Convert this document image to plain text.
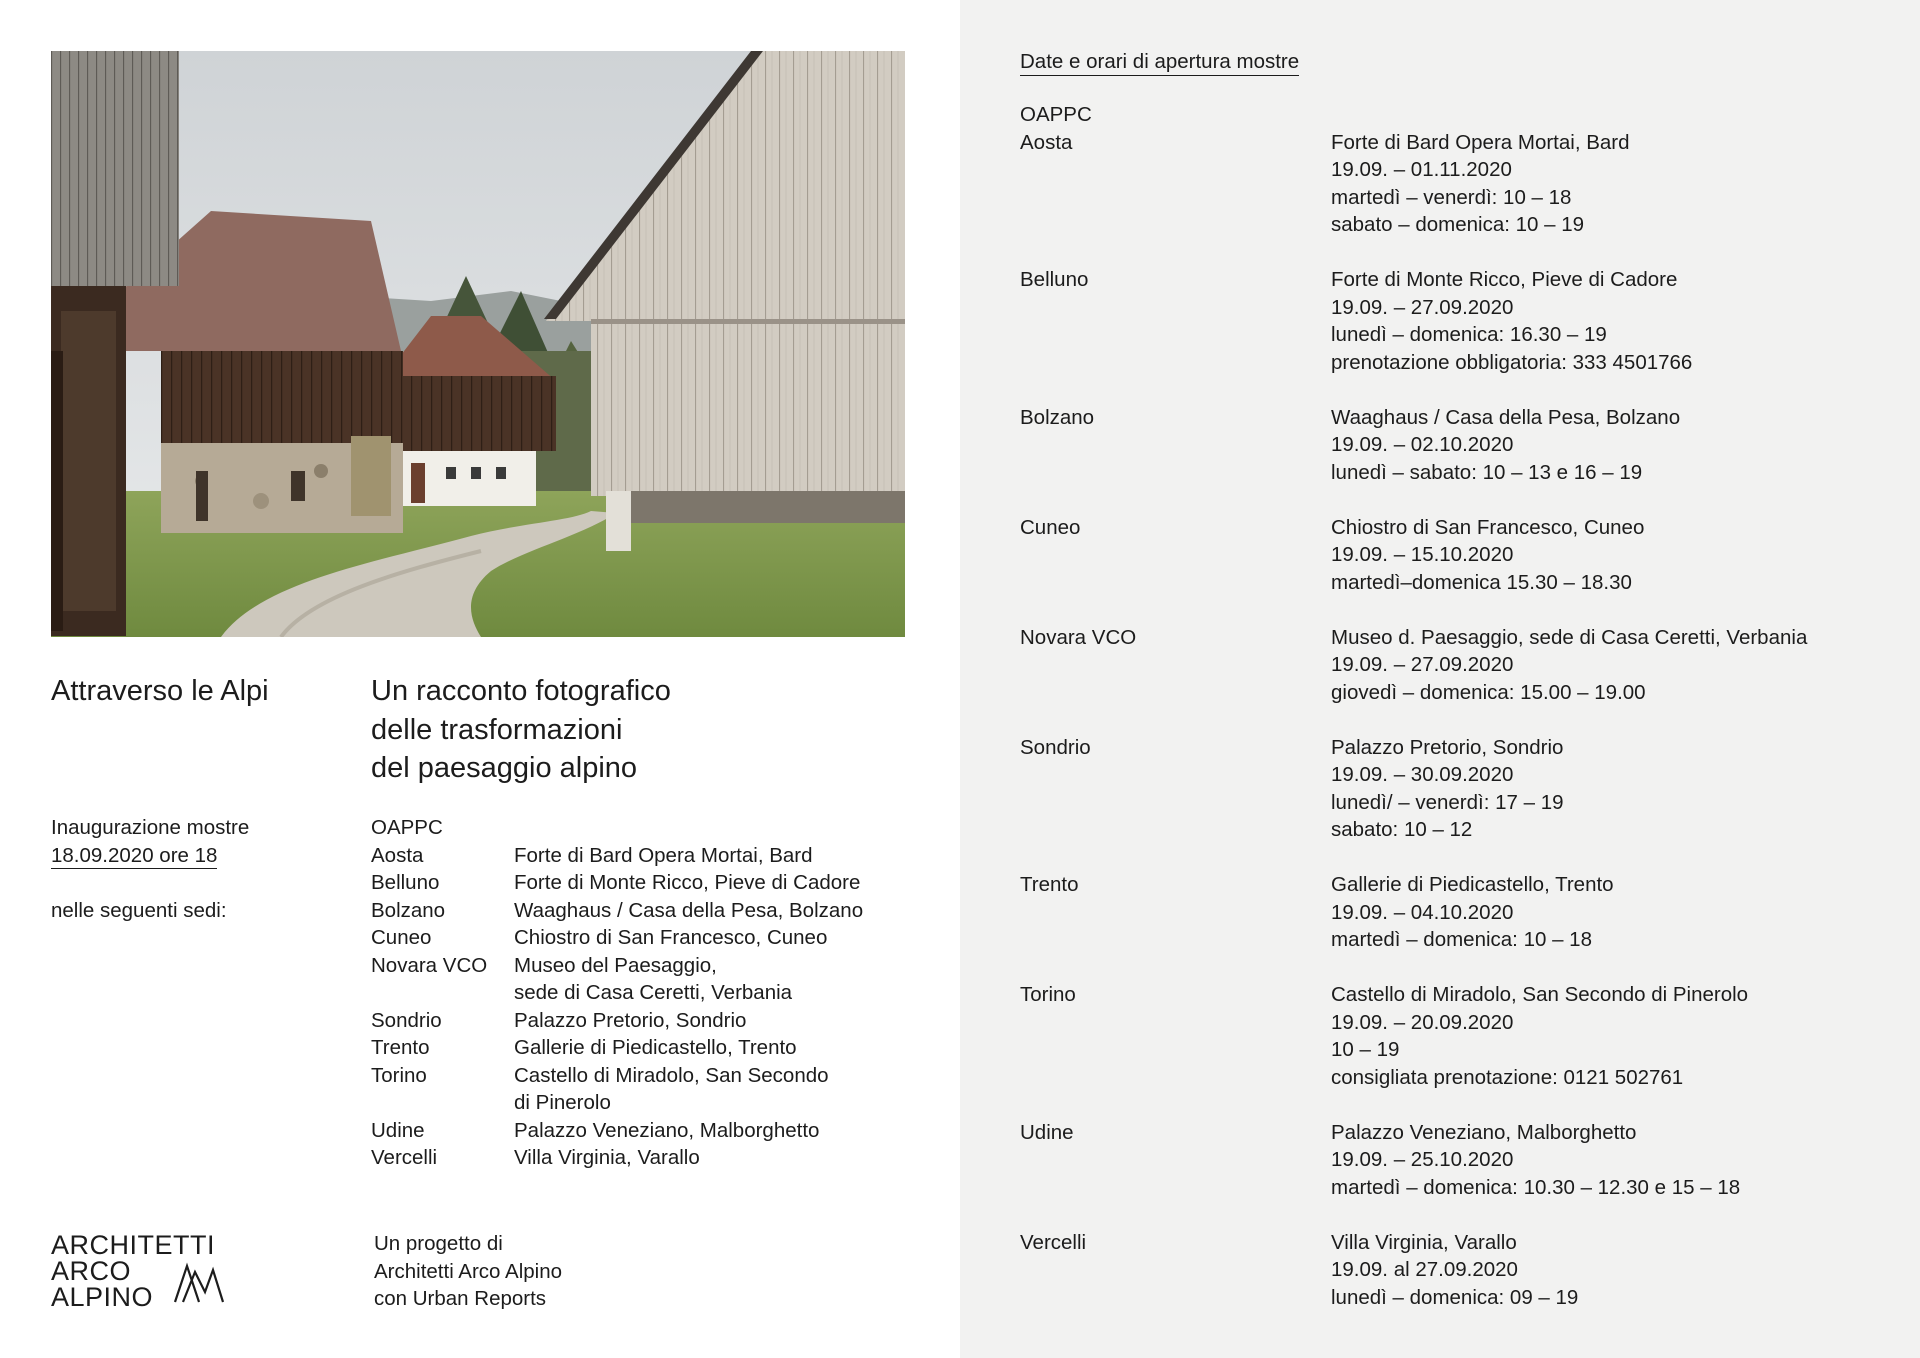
Attraverso le Alpi	Un racconto fotografico
delle trasformazioni
del paesaggio alpino
Inaugurazione mostre
18.09.2020 ore 18
nelle seguenti sedi:
OAPPC
Aosta	Forte di Bard Opera Mortai, Bard
Belluno	Forte di Monte Ricco, Pieve di Cadore
Bolzano	Waaghaus / Casa della Pesa, Bolzano
Cuneo	Chiostro di San Francesco, Cuneo
Novara VCO	Museo del Paesaggio,
sede di Casa Ceretti, Verbania
Sondrio	Palazzo Pretorio, Sondrio
Trento	Gallerie di Piedicastello, Trento
Torino	Castello di Miradolo, San Secondo
di Pinerolo
Udine	Palazzo Veneziano, Malborghetto
Vercelli	Villa Virginia, Varallo
ARCHITETTI
ARCO
ALPINO
Un progetto di
Architetti Arco Alpino
con Urban Reports
Date e orari di apertura mostre
OAPPC
Aosta	Forte di Bard Opera Mortai, Bard
19.09. – 01.11.2020
martedì – venerdì: 10 – 18
sabato – domenica: 10 – 19
Belluno	Forte di Monte Ricco, Pieve di Cadore
19.09. – 27.09.2020
lunedì – domenica: 16.30 – 19
prenotazione obbligatoria: 333 4501766
Bolzano	Waaghaus / Casa della Pesa, Bolzano
19.09. – 02.10.2020
lunedì – sabato: 10 – 13 e 16 – 19
Cuneo	Chiostro di San Francesco, Cuneo
19.09. – 15.10.2020
martedì–domenica 15.30 – 18.30
Novara VCO	Museo d. Paesaggio, sede di Casa Ceretti, Verbania
19.09. – 27.09.2020
giovedì – domenica: 15.00 – 19.00
Sondrio	Palazzo Pretorio, Sondrio
19.09. – 30.09.2020
lunedì/ – venerdì: 17 – 19
sabato: 10 – 12
Trento	Gallerie di Piedicastello, Trento
19.09. – 04.10.2020
martedì – domenica: 10 – 18
Torino	Castello di Miradolo, San Secondo di Pinerolo
19.09. – 20.09.2020
10 – 19
consigliata prenotazione: 0121 502761
Udine	Palazzo Veneziano, Malborghetto
19.09. – 25.10.2020
martedì – domenica: 10.30 – 12.30 e 15 – 18
Vercelli	Villa Virginia, Varallo
19.09. al 27.09.2020
lunedì – domenica: 09 – 19
